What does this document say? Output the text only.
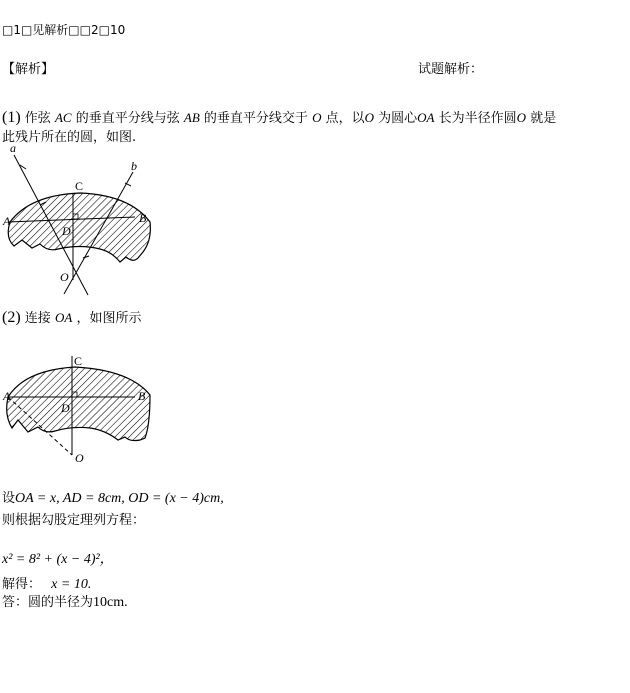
□1□见解析□□2□10
【解析】	试题解析：
(1) 作弦 AC 的垂直平分线与弦 AB 的垂直平分线交于 O 点，以O 为圆心OA 长为半径作圆O 就是
此残片所在的圆，如图.
a
b
C
A	B
D
O
(2) 连接 OA ，如图所示
C
A	B
D
O
设OA = x, AD = 8cm, OD = (x − 4)cm,
则根据勾股定理列方程：
x² = 8² + (x − 4)²，
解得： x = 10.
答：圆的半径为10cm.
